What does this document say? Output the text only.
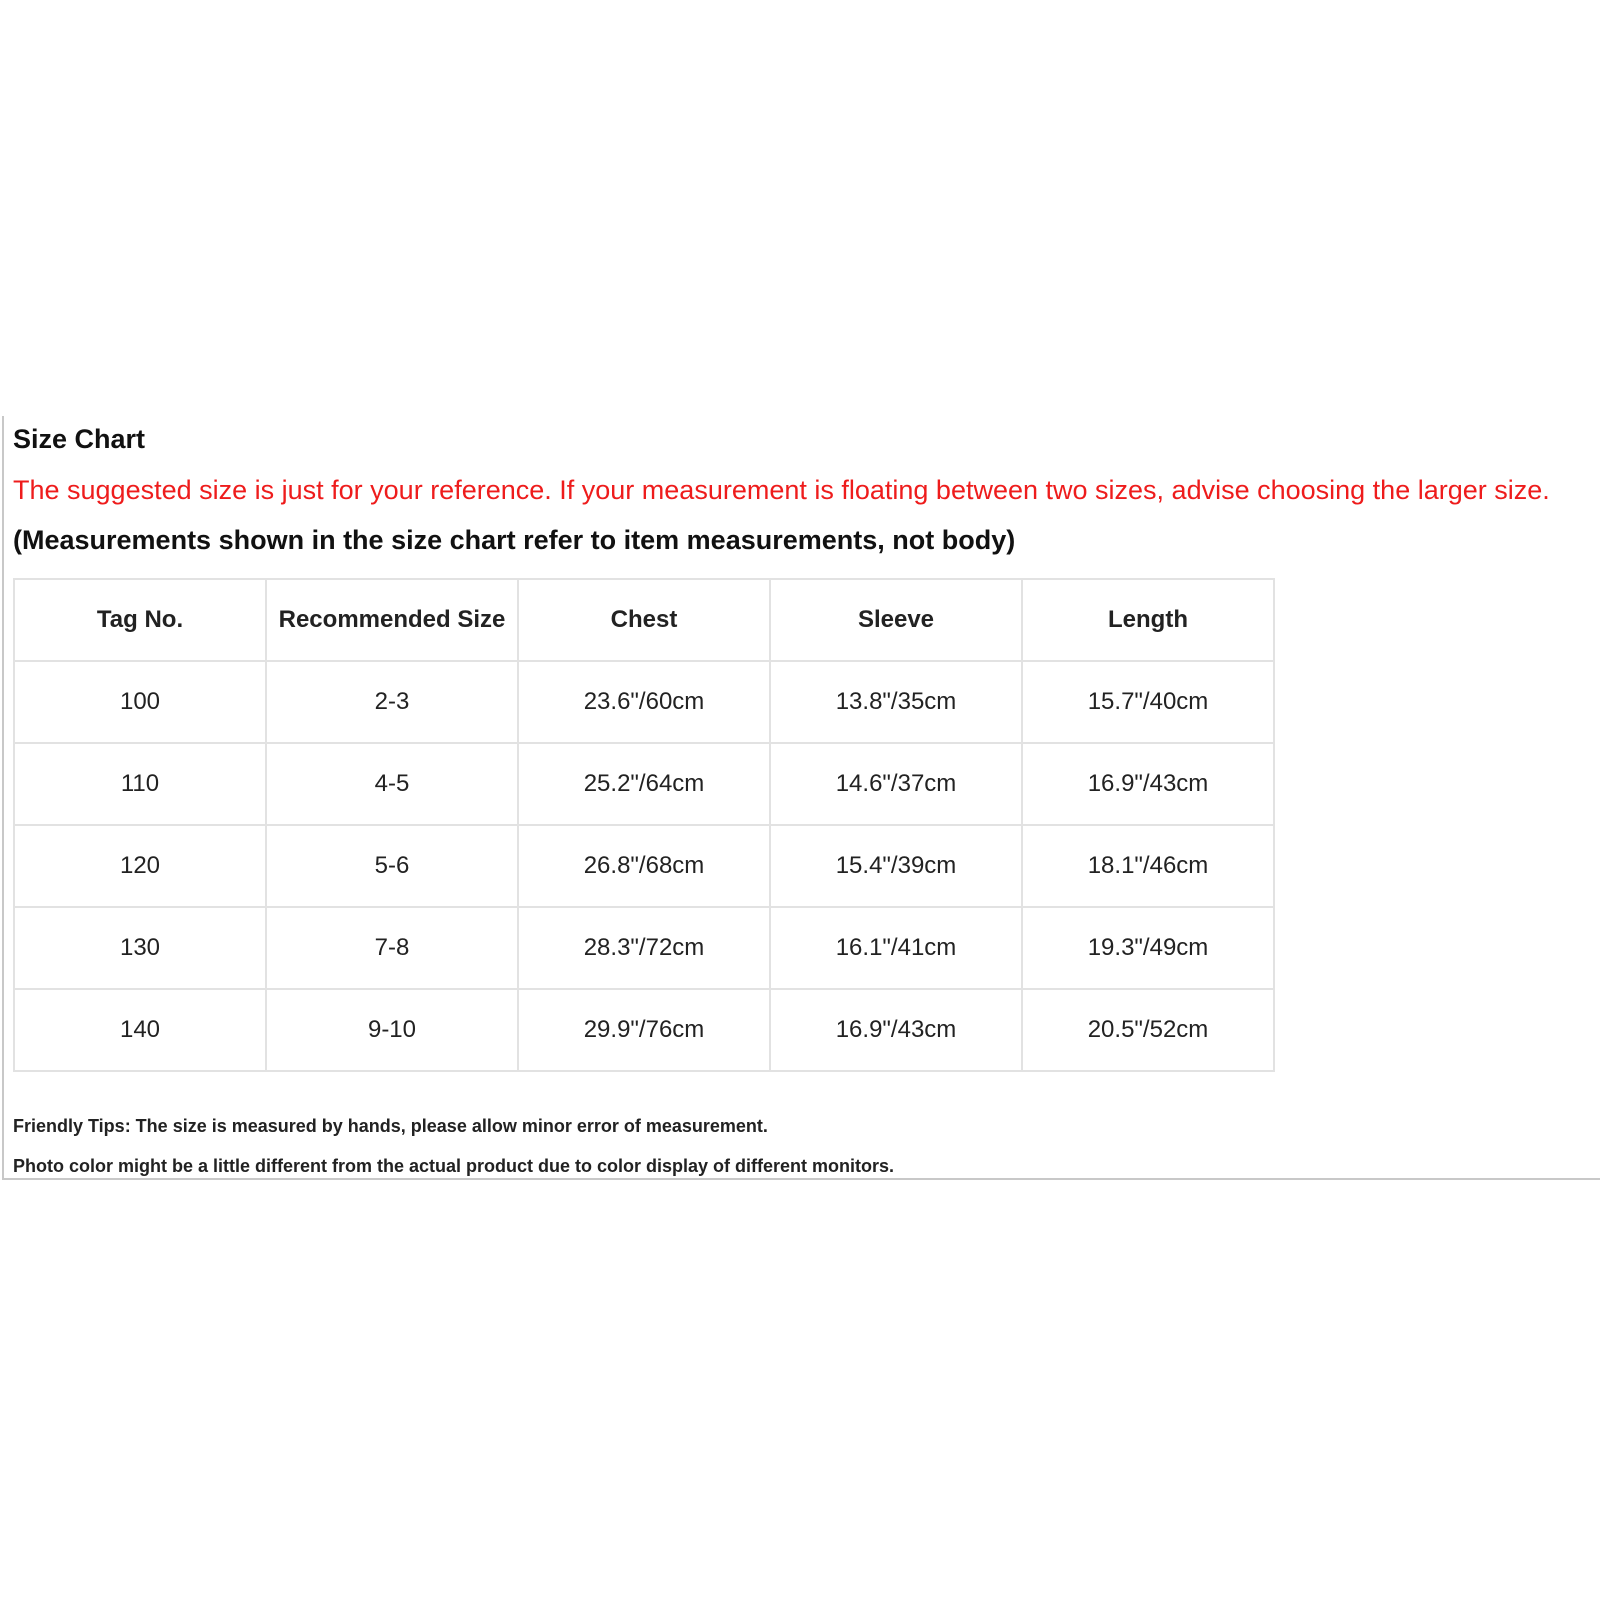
Size Chart
The suggested size is just for your reference. If your measurement is floating between two sizes, advise choosing the larger size.
(Measurements shown in the size chart refer to item measurements, not body)
Tag No.	Recommended Size	Chest	Sleeve	Length
100	2-3	23.6"/60cm	13.8"/35cm	15.7"/40cm
110	4-5	25.2"/64cm	14.6"/37cm	16.9"/43cm
120	5-6	26.8"/68cm	15.4"/39cm	18.1"/46cm
130	7-8	28.3"/72cm	16.1"/41cm	19.3"/49cm
140	9-10	29.9"/76cm	16.9"/43cm	20.5"/52cm
Friendly Tips: The size is measured by hands, please allow minor error of measurement.
Photo color might be a little different from the actual product due to color display of different monitors.
